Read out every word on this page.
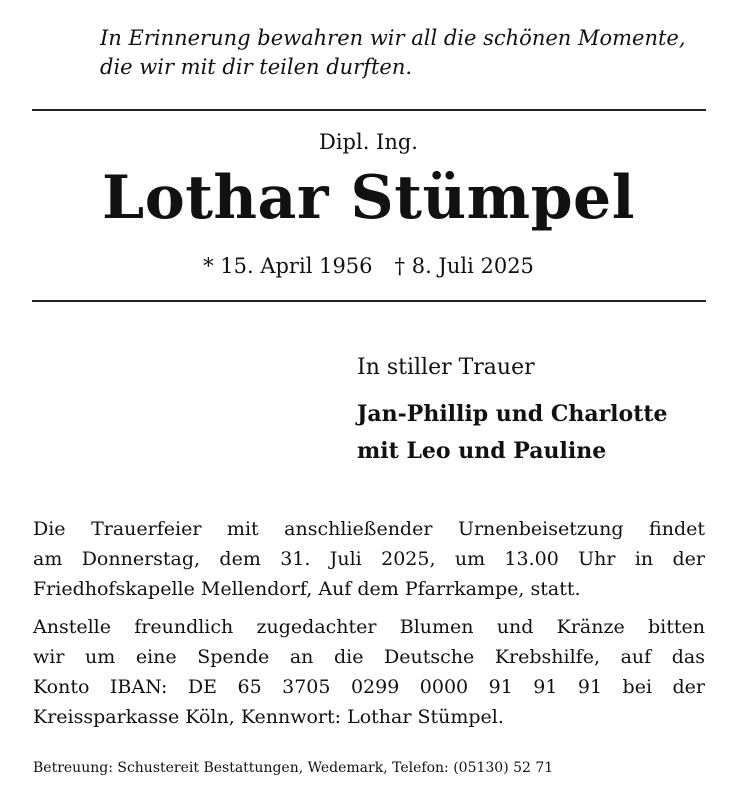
In Erinnerung bewahren wir all die schönen Momente,
die wir mit dir teilen durften.
Dipl. Ing.
Lothar Stümpel
* 15. April 1956 † 8. Juli 2025
In stiller Trauer
Jan-Phillip und Charlotte
mit Leo und Pauline
Die Trauerfeier mit anschließender Urnenbeisetzung findet
am Donnerstag, dem 31. Juli 2025, um 13.00 Uhr in der
Friedhofskapelle Mellendorf, Auf dem Pfarrkampe, statt.
Anstelle freundlich zugedachter Blumen und Kränze bitten
wir um eine Spende an die Deutsche Krebshilfe, auf das
Konto IBAN: DE 65 3705 0299 0000 91 91 91 bei der
Kreissparkasse Köln, Kennwort: Lothar Stümpel.
Betreuung: Schustereit Bestattungen, Wedemark, Telefon: (05130) 52 71
